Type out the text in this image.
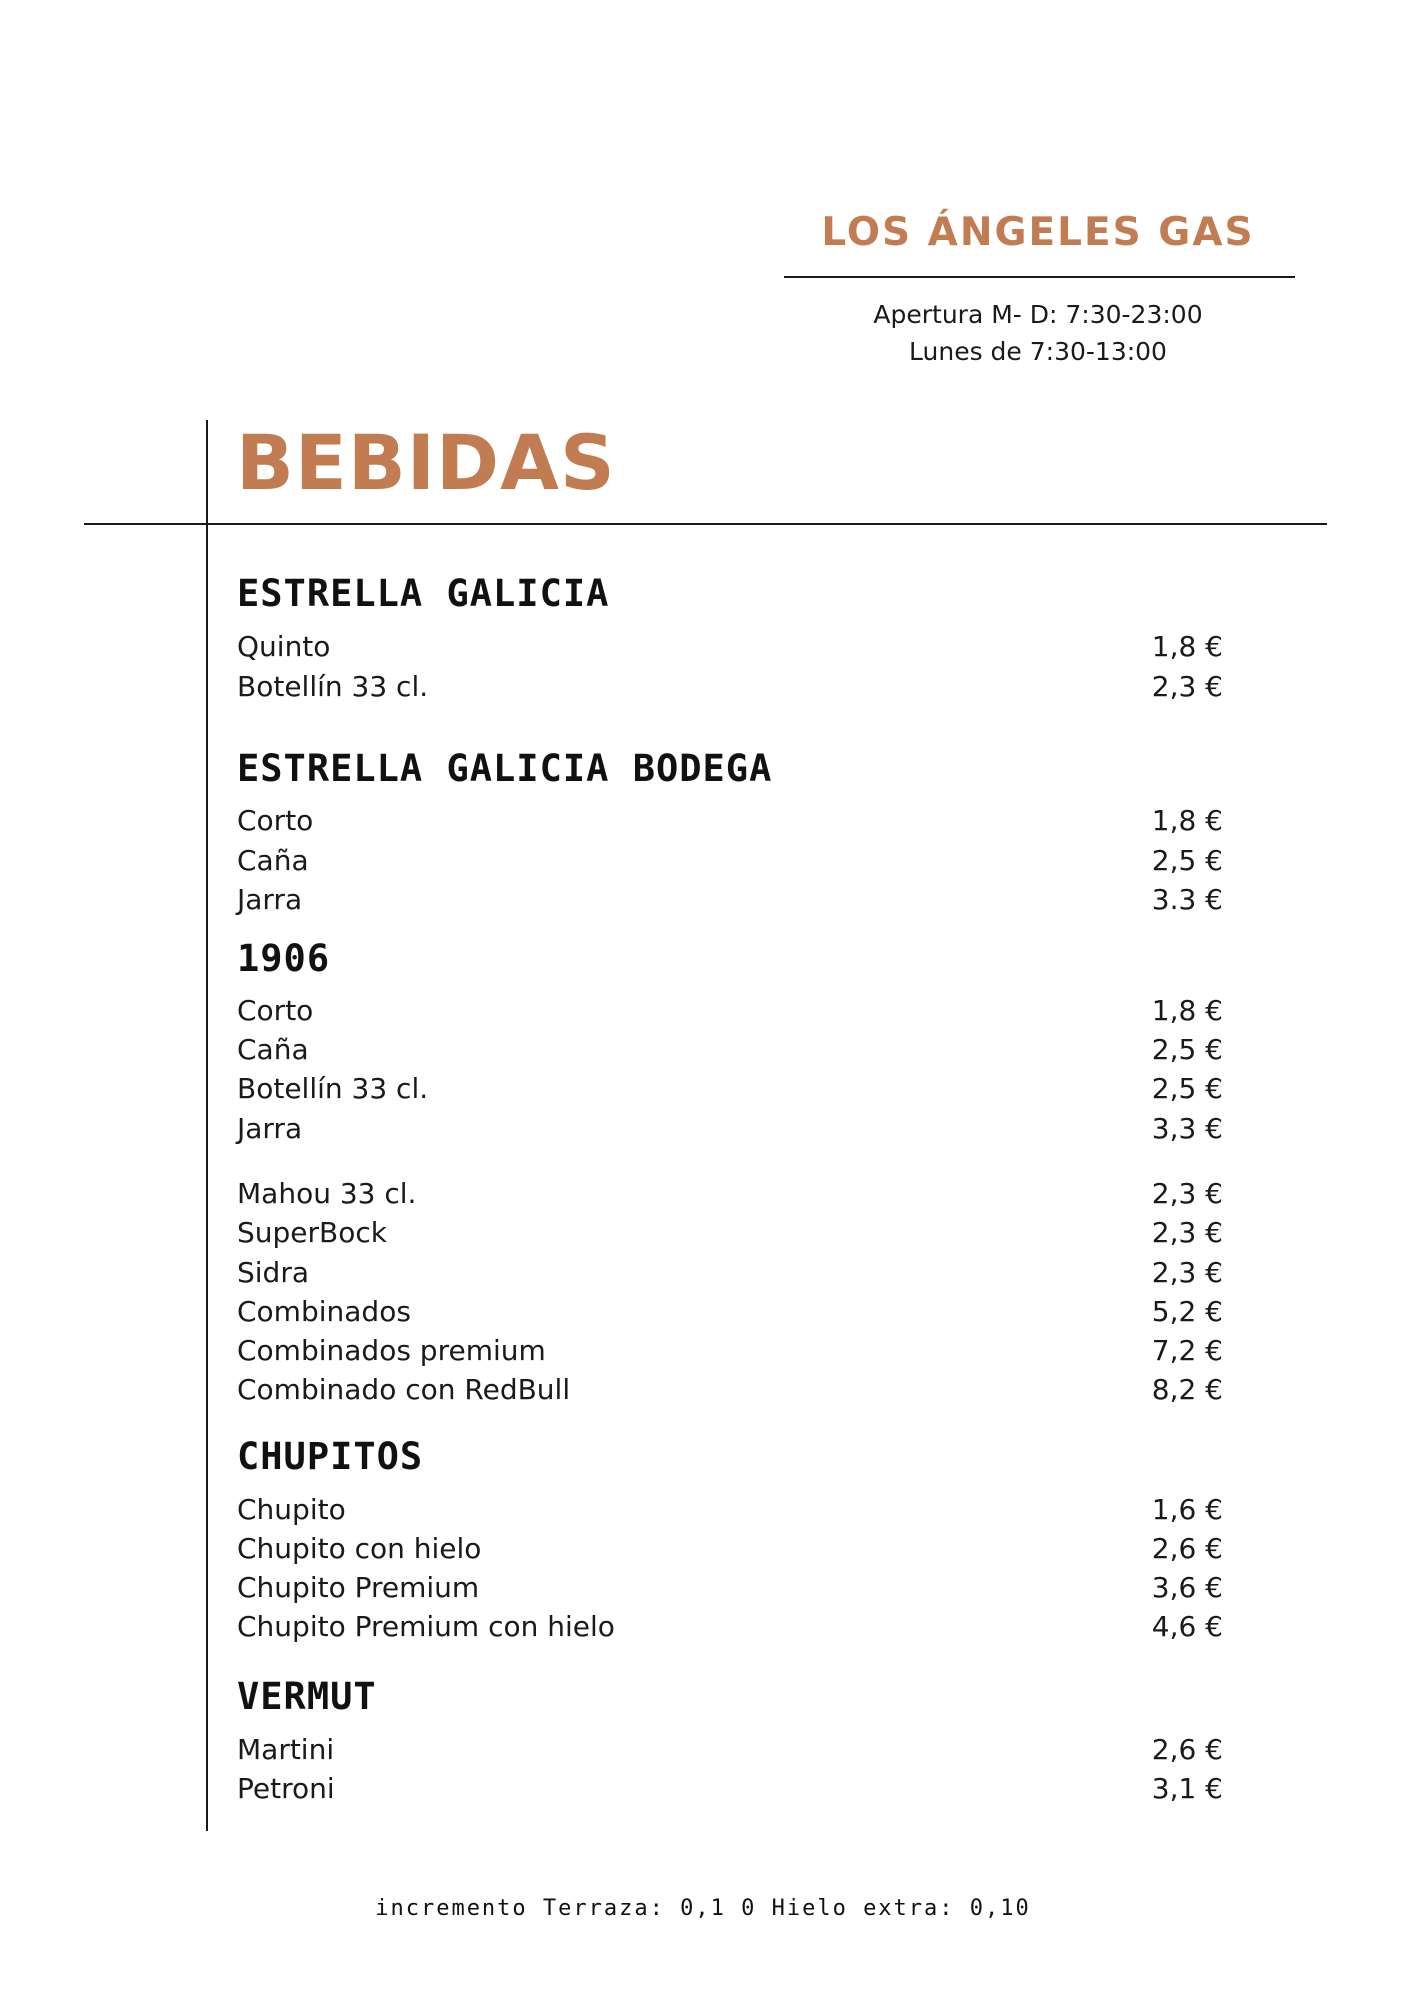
LOS ÁNGELES GAS
Apertura M- D: 7:30-23:00
Lunes de 7:30-13:00
BEBIDAS
ESTRELLA GALICIA
Quinto	1,8 €
Botellín 33 cl.	2,3 €
ESTRELLA GALICIA BODEGA
Corto	1,8 €
Caña	2,5 €
Jarra	3.3 €
1906
Corto	1,8 €
Caña	2,5 €
Botellín 33 cl.	2,5 €
Jarra	3,3 €
Mahou 33 cl.	2,3 €
SuperBock	2,3 €
Sidra	2,3 €
Combinados	5,2 €
Combinados premium	7,2 €
Combinado con RedBull	8,2 €
CHUPITOS
Chupito	1,6 €
Chupito con hielo	2,6 €
Chupito Premium	3,6 €
Chupito Premium con hielo	4,6 €
VERMUT
Martini	2,6 €
Petroni	3,1 €
incremento Terraza: 0,1 0 Hielo extra: 0,10
